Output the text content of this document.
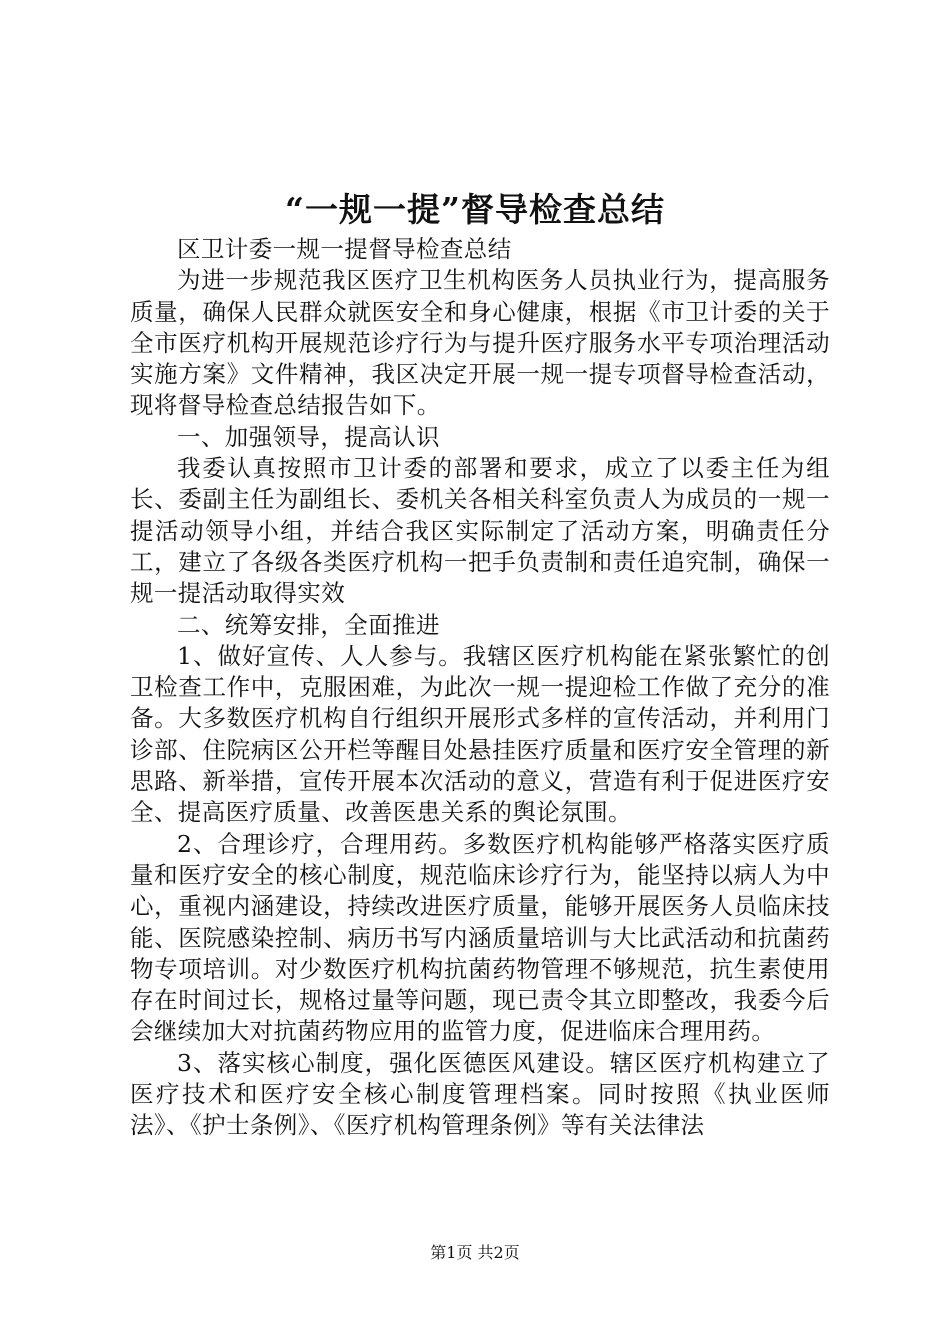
“一规一提”督导检查总结

区卫计委一规一提督导检查总结

为进一步规范我区医疗卫生机构医务人员执业行为，提高服务质量，确保人民群众就医安全和身心健康，根据《市卫计委的关于全市医疗机构开展规范诊疗行为与提升医疗服务水平专项治理活动实施方案》文件精神，我区决定开展一规一提专项督导检查活动，现将督导检查总结报告如下。

一、加强领导，提高认识

我委认真按照市卫计委的部署和要求，成立了以委主任为组长、委副主任为副组长、委机关各相关科室负责人为成员的一规一提活动领导小组，并结合我区实际制定了活动方案，明确责任分工，建立了各级各类医疗机构一把手负责制和责任追究制，确保一规一提活动取得实效

二、统筹安排，全面推进

1、做好宣传、人人参与。我辖区医疗机构能在紧张繁忙的创卫检查工作中，克服困难，为此次一规一提迎检工作做了充分的准备。大多数医疗机构自行组织开展形式多样的宣传活动，并利用门诊部、住院病区公开栏等醒目处悬挂医疗质量和医疗安全管理的新思路、新举措，宣传开展本次活动的意义，营造有利于促进医疗安全、提高医疗质量、改善医患关系的舆论氛围。

2、合理诊疗，合理用药。多数医疗机构能够严格落实医疗质量和医疗安全的核心制度，规范临床诊疗行为，能坚持以病人为中心，重视内涵建设，持续改进医疗质量，能够开展医务人员临床技能、医院感染控制、病历书写内涵质量培训与大比武活动和抗菌药物专项培训。对少数医疗机构抗菌药物管理不够规范，抗生素使用存在时间过长，规格过量等问题，现已责令其立即整改，我委今后会继续加大对抗菌药物应用的监管力度，促进临床合理用药。

3、落实核心制度，强化医德医风建设。辖区医疗机构建立了医疗技术和医疗安全核心制度管理档案。同时按照《执业医师法》、《护士条例》、《医疗机构管理条例》等有关法律法

第1页 共2页
